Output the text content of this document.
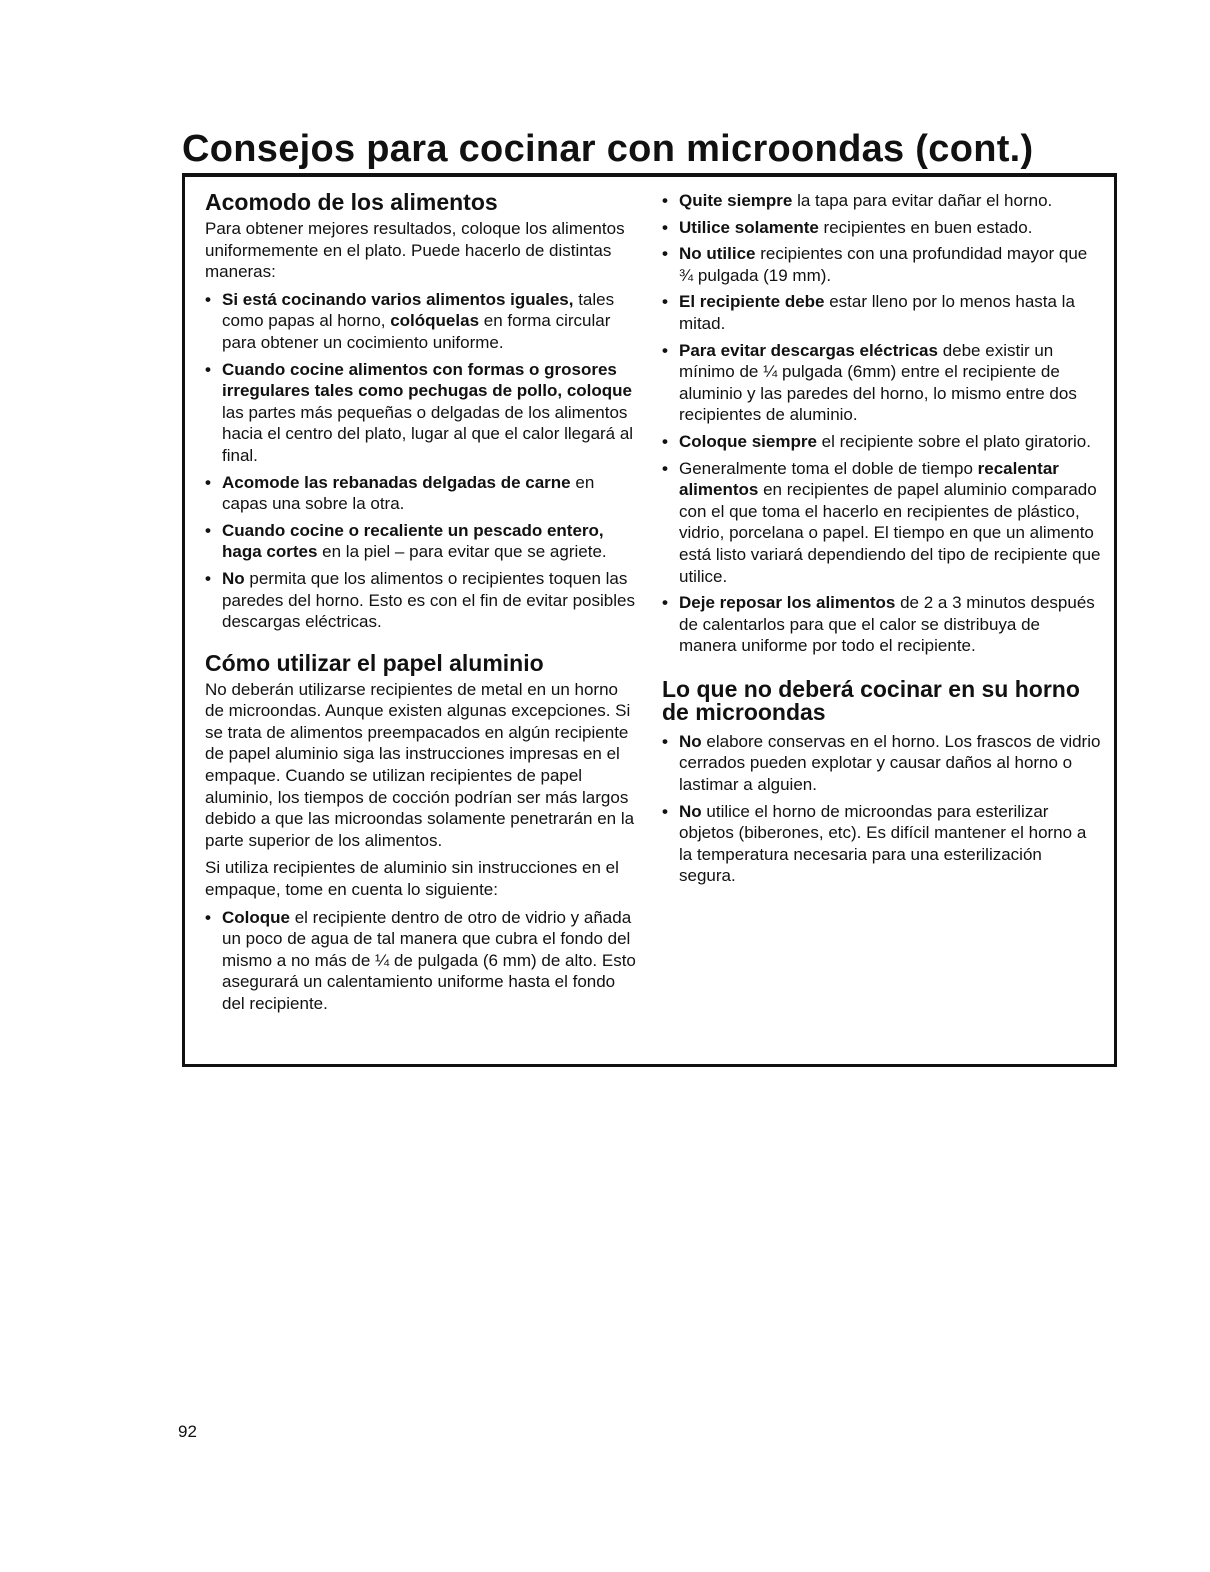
Consejos para cocinar con microondas (cont.)
Acomodo de los alimentos

Para obtener mejores resultados, coloque los alimentos uniformemente en el plato. Puede hacerlo de distintas maneras:

• Si está cocinando varios alimentos iguales, tales como papas al horno, colóquelas en forma circular para obtener un cocimiento uniforme.
• Cuando cocine alimentos con formas o grosores irregulares tales como pechugas de pollo, coloque las partes más pequeñas o delgadas de los alimentos hacia el centro del plato, lugar al que el calor llegará al final.
• Acomode las rebanadas delgadas de carne en capas una sobre la otra.
• Cuando cocine o recaliente un pescado entero, haga cortes en la piel – para evitar que se agriete.
• No permita que los alimentos o recipientes toquen las paredes del horno. Esto es con el fin de evitar posibles descargas eléctricas.
Cómo utilizar el papel aluminio

No deberán utilizarse recipientes de metal en un horno de microondas. Aunque existen algunas excepciones. Si se trata de alimentos preempacados en algún recipiente de papel aluminio siga las instrucciones impresas en el empaque. Cuando se utilizan recipientes de papel aluminio, los tiempos de cocción podrían ser más largos debido a que las microondas solamente penetrarán en la parte superior de los alimentos.

Si utiliza recipientes de aluminio sin instrucciones en el empaque, tome en cuenta lo siguiente:

• Coloque el recipiente dentro de otro de vidrio y añada un poco de agua de tal manera que cubra el fondo del mismo a no más de ¼ de pulgada (6 mm) de alto. Esto asegurará un calentamiento uniforme hasta el fondo del recipiente.
• Quite siempre la tapa para evitar dañar el horno.
• Utilice solamente recipientes en buen estado.
• No utilice recipientes con una profundidad mayor que ¾ pulgada (19 mm).
• El recipiente debe estar lleno por lo menos hasta la mitad.
• Para evitar descargas eléctricas debe existir un mínimo de ¼ pulgada (6mm) entre el recipiente de aluminio y las paredes del horno, lo mismo entre dos recipientes de aluminio.
• Coloque siempre el recipiente sobre el plato giratorio.
• Generalmente toma el doble de tiempo recalentar alimentos en recipientes de papel aluminio comparado con el que toma el hacerlo en recipientes de plástico, vidrio, porcelana o papel. El tiempo en que un alimento está listo variará dependiendo del tipo de recipiente que utilice.
• Deje reposar los alimentos de 2 a 3 minutos después de calentarlos para que el calor se distribuya de manera uniforme por todo el recipiente.
Lo que no deberá cocinar en su horno de microondas
• No elabore conservas en el horno. Los frascos de vidrio cerrados pueden explotar y causar daños al horno o lastimar a alguien.
• No utilice el horno de microondas para esterilizar objetos (biberones, etc). Es difícil mantener el horno a la temperatura necesaria para una esterilización segura.
92
